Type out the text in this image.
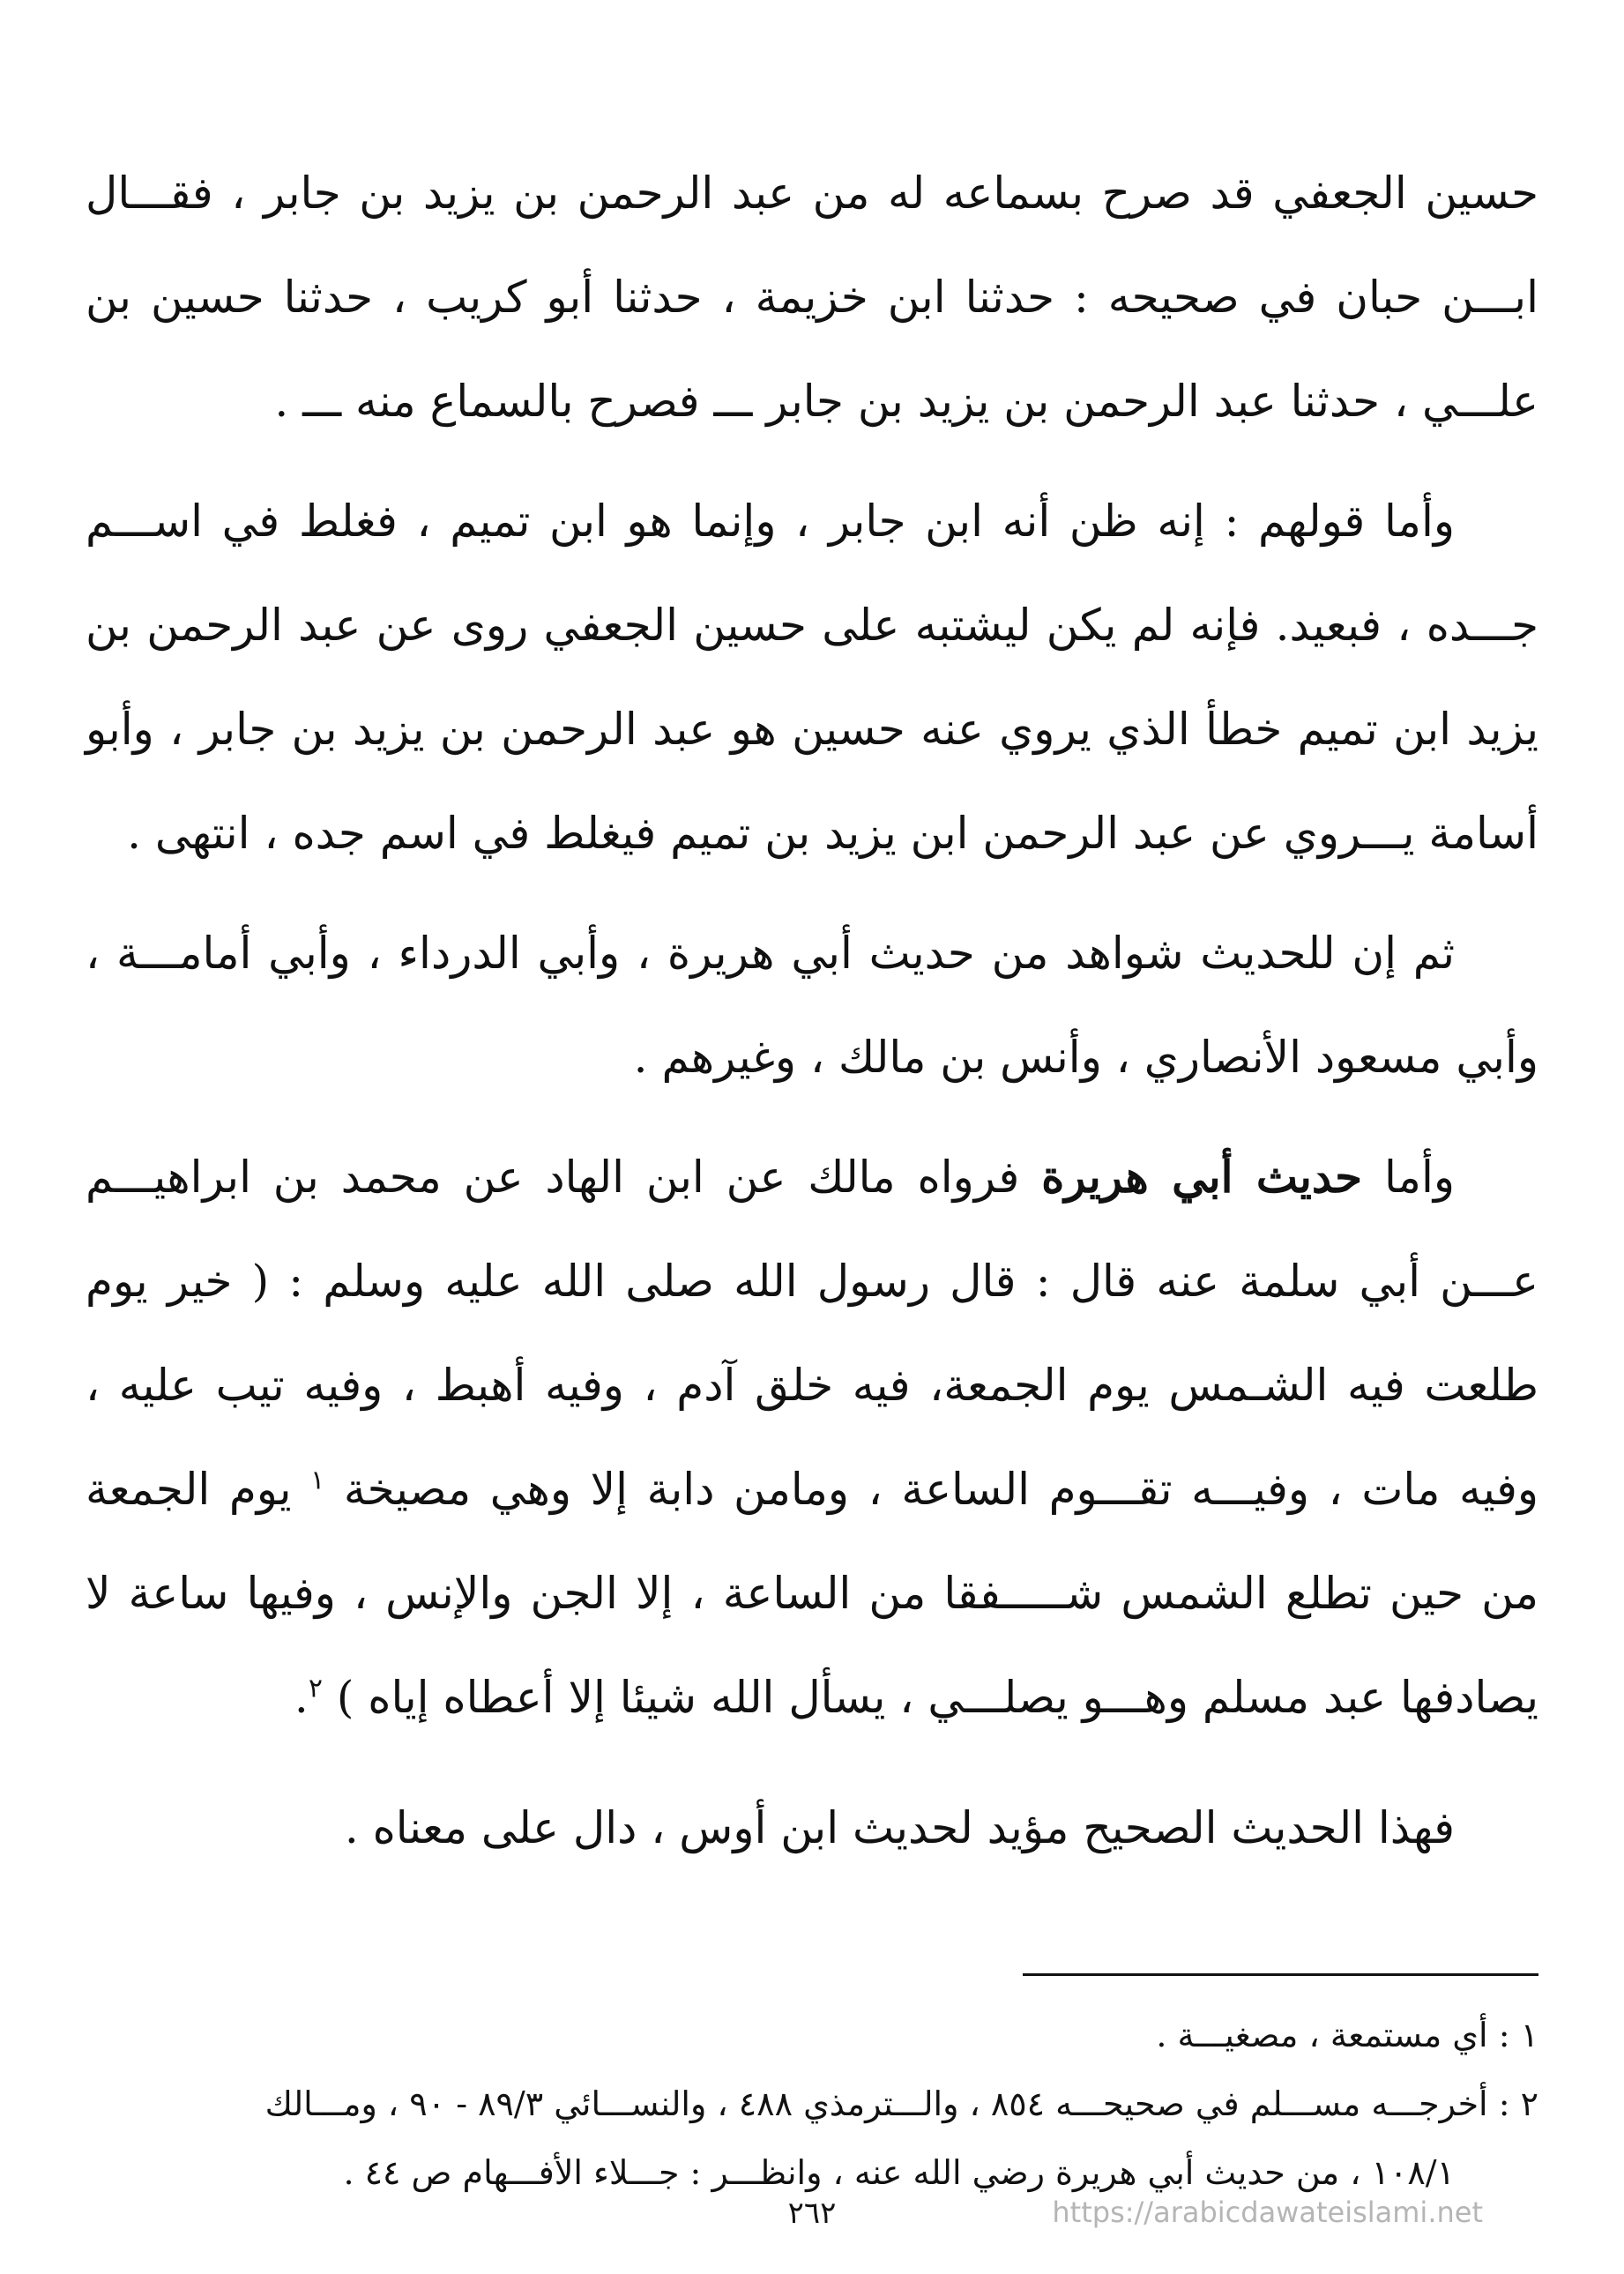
حسين الجعفي قد صرح بسماعه له من عبد الرحمن بن يزيد بن جابر ، فقـــال ابـــن حبان في صحيحه : حدثنا ابن خزيمة ، حدثنا أبو كريب ، حدثنا حسين بن علـــي ، حدثنا عبد الرحمن بن يزيد بن جابر ـــ فصرح بالسماع منه ـــ .

وأما قولهم : إنه ظن أنه ابن جابر ، وإنما هو ابن تميم ، فغلط في اســـم جـــده ، فبعيد. فإنه لم يكن ليشتبه على حسين الجعفي روى عن عبد الرحمن بن يزيد ابن تميم خطأ الذي يروي عنه حسين هو عبد الرحمن بن يزيد بن جابر ، وأبو أسامة يـــروي عن عبد الرحمن ابن يزيد بن تميم فيغلط في اسم جده ، انتهى .

ثم إن للحديث شواهد من حديث أبي هريرة ، وأبي الدرداء ، وأبي أمامـــة ، وأبي مسعود الأنصاري ، وأنس بن مالك ، وغيرهم .

وأما حديث أبي هريرة فرواه مالك عن ابن الهاد عن محمد بن ابراهيـــم عـــن أبي سلمة عنه قال : قال رسول الله صلى الله عليه وسلم : ( خير يوم طلعت فيه الشـمس يوم الجمعة، فيه خلق آدم ، وفيه أهبط ، وفيه تيب عليه ، وفيه مات ، وفيـــه تقـــوم الساعة ، ومامن دابة إلا وهي مصيخة $^١$ يوم الجمعة من حين تطلع الشمس شـــــفقا من الساعة ، إلا الجن والإنس ، وفيها ساعة لا يصادفها عبد مسلم وهـــو يصلـــي ، يسأل الله شيئا إلا أعطاه إياه ) $^٢$.

فهذا الحديث الصحيح مؤيد لحديث ابن أوس ، دال على معناه .

١ : أي مستمعة ، مصغيـــة .

٢ : أخرجـــه مســـلم في صحيحـــه ٨٥٤ ، والـــترمذي ٤٨٨ ، والنســـائي ٨٩/٣ - ٩٠ ، ومـــالك

١٠٨/١ ، من حديث أبي هريرة رضي الله عنه ، وانظـــر : جـــلاء الأفـــهام ص ٤٤ .

٢٦٢	https://arabicdawateislami.net
